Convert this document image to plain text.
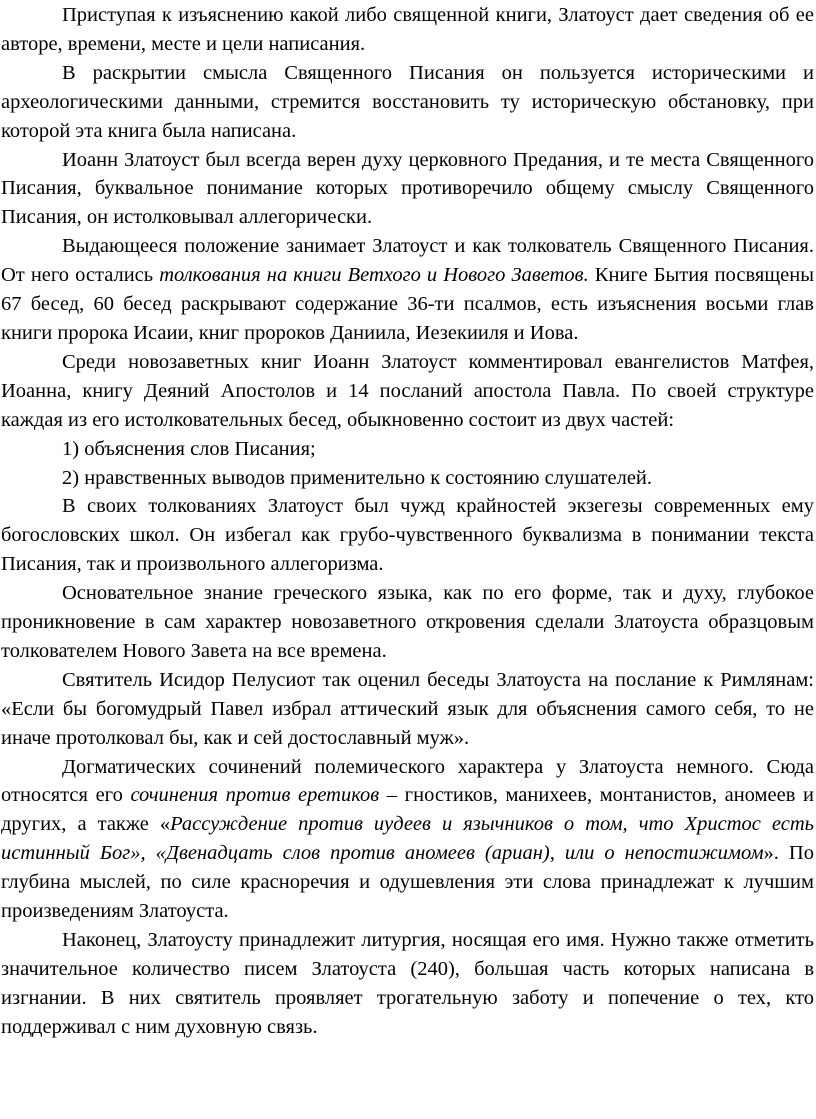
Приступая к изъяснению какой либо священной книги, Златоуст дает сведения об ее авторе, времени, месте и цели написания.

В раскрытии смысла Священного Писания он пользуется историческими и археологическими данными, стремится восстановить ту историческую обстановку, при которой эта книга была написана.

Иоанн Златоуст был всегда верен духу церковного Предания, и те места Священного Писания, буквальное понимание которых противоречило общему смыслу Священного Писания, он истолковывал аллегорически.

Выдающееся положение занимает Златоуст и как толкователь Священного Писания. От него остались толкования на книги Ветхого и Нового Заветов. Книге Бытия посвящены 67 бесед, 60 бесед раскрывают содержание 36-ти псалмов, есть изъяснения восьми глав книги пророка Исаии, книг пророков Даниила, Иезекииля и Иова.

Среди новозаветных книг Иоанн Златоуст комментировал евангелистов Матфея, Иоанна, книгу Деяний Апостолов и 14 посланий апостола Павла. По своей структуре каждая из его истолковательных бесед, обыкновенно состоит из двух частей:

1) объяснения слов Писания;

2) нравственных выводов применительно к состоянию слушателей.

В своих толкованиях Златоуст был чужд крайностей экзегезы современных ему богословских школ. Он избегал как грубо-чувственного буквализма в понимании текста Писания, так и произвольного аллегоризма.

Основательное знание греческого языка, как по его форме, так и духу, глубокое проникновение в сам характер новозаветного откровения сделали Златоуста образцовым толкователем Нового Завета на все времена.

Святитель Исидор Пелусиот так оценил беседы Златоуста на послание к Римлянам: «Если бы богомудрый Павел избрал аттический язык для объяснения самого себя, то не иначе протолковал бы, как и сей достославный муж».

Догматических сочинений полемического характера у Златоуста немного. Сюда относятся его сочинения против еретиков – гностиков, манихеев, монтанистов, аномеев и других, а также «Рассуждение против иудеев и язычников о том, что Христос есть истинный Бог», «Двенадцать слов против аномеев (ариан), или о непостижимом». По глубина мыслей, по силе красноречия и одушевления эти слова принадлежат к лучшим произведениям Златоуста.

Наконец, Златоусту принадлежит литургия, носящая его имя. Нужно также отметить значительное количество писем Златоуста (240), большая часть которых написана в изгнании. В них святитель проявляет трогательную заботу и попечение о тех, кто поддерживал с ним духовную связь.
